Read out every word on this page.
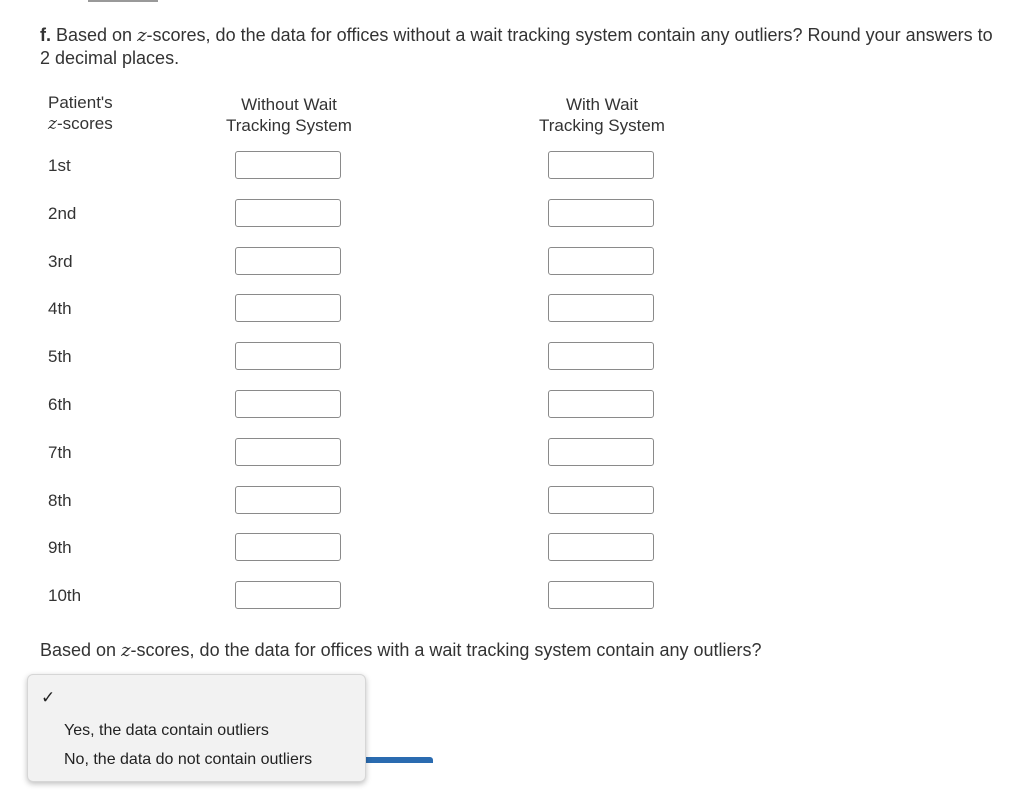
f. Based on z-scores, do the data for offices without a wait tracking system contain any outliers? Round your answers to 2 decimal places.
Patient's
z-scores
Without Wait
Tracking System
With Wait
Tracking System
1st
2nd
3rd
4th
5th
6th
7th
8th
9th
10th
Based on z-scores, do the data for offices with a wait tracking system contain any outliers?
✓
Yes, the data contain outliers
No, the data do not contain outliers
